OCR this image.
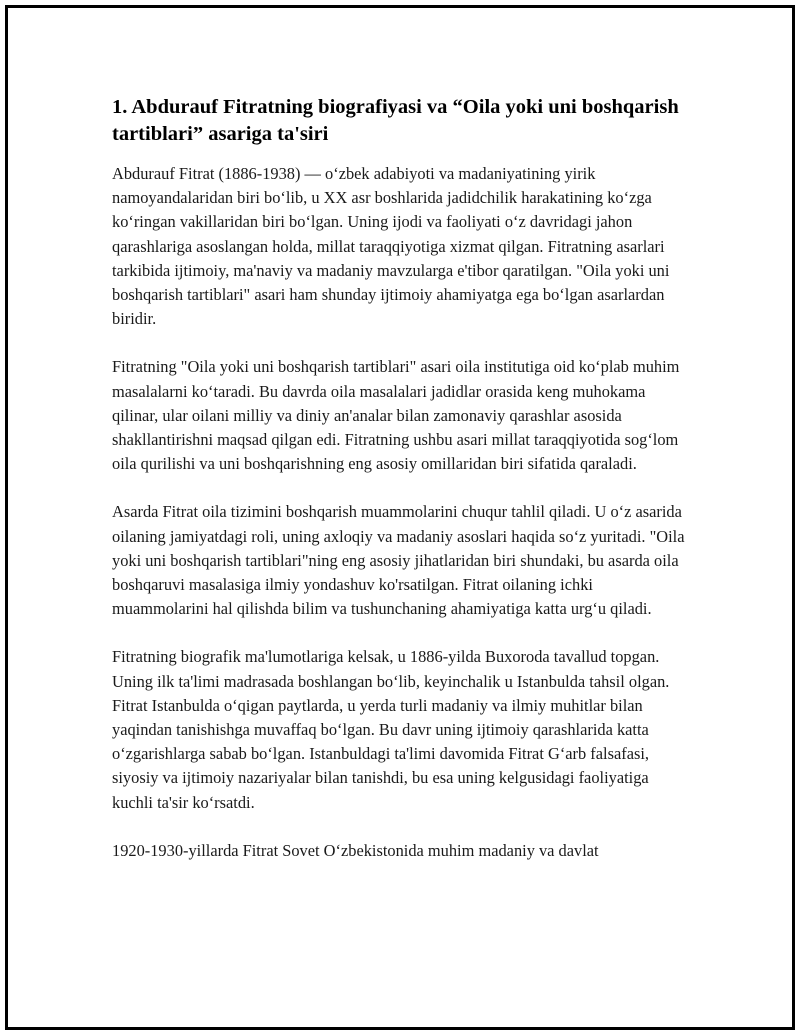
1. Abdurauf Fitratning biografiyasi va “Oila yoki uni boshqarish tartiblari” asariga ta'siri

Abdurauf Fitrat (1886-1938) — o‘zbek adabiyoti va madaniyatining yirik namoyandalaridan biri bo‘lib, u XX asr boshlarida jadidchilik harakatining ko‘zga ko‘ringan vakillaridan biri bo‘lgan. Uning ijodi va faoliyati o‘z davridagi jahon qarashlariga asoslangan holda, millat taraqqiyotiga xizmat qilgan. Fitratning asarlari tarkibida ijtimoiy, ma'naviy va madaniy mavzularga e'tibor qaratilgan. "Oila yoki uni boshqarish tartiblari" asari ham shunday ijtimoiy ahamiyatga ega bo‘lgan asarlardan biridir.

Fitratning "Oila yoki uni boshqarish tartiblari" asari oila institutiga oid ko‘plab muhim masalalarni ko‘taradi. Bu davrda oila masalalari jadidlar orasida keng muhokama qilinar, ular oilani milliy va diniy an'analar bilan zamonaviy qarashlar asosida shakllantirishni maqsad qilgan edi. Fitratning ushbu asari millat taraqqiyotida sog‘lom oila qurilishi va uni boshqarishning eng asosiy omillaridan biri sifatida qaraladi.

Asarda Fitrat oila tizimini boshqarish muammolarini chuqur tahlil qiladi. U o‘z asarida oilaning jamiyatdagi roli, uning axloqiy va madaniy asoslari haqida so‘z yuritadi. "Oila yoki uni boshqarish tartiblari"ning eng asosiy jihatlaridan biri shundaki, bu asarda oila boshqaruvi masalasiga ilmiy yondashuv ko'rsatilgan. Fitrat oilaning ichki muammolarini hal qilishda bilim va tushunchaning ahamiyatiga katta urg‘u qiladi.

Fitratning biografik ma'lumotlariga kelsak, u 1886-yilda Buxoroda tavallud topgan. Uning ilk ta'limi madrasada boshlangan bo‘lib, keyinchalik u Istanbulda tahsil olgan. Fitrat Istanbulda o‘qigan paytlarda, u yerda turli madaniy va ilmiy muhitlar bilan yaqindan tanishishga muvaffaq bo‘lgan. Bu davr uning ijtimoiy qarashlarida katta o‘zgarishlarga sabab bo‘lgan. Istanbuldagi ta'limi davomida Fitrat G‘arb falsafasi, siyosiy va ijtimoiy nazariyalar bilan tanishdi, bu esa uning kelgusidagi faoliyatiga kuchli ta'sir ko‘rsatdi.

1920-1930-yillarda Fitrat Sovet O‘zbekistonida muhim madaniy va davlat
